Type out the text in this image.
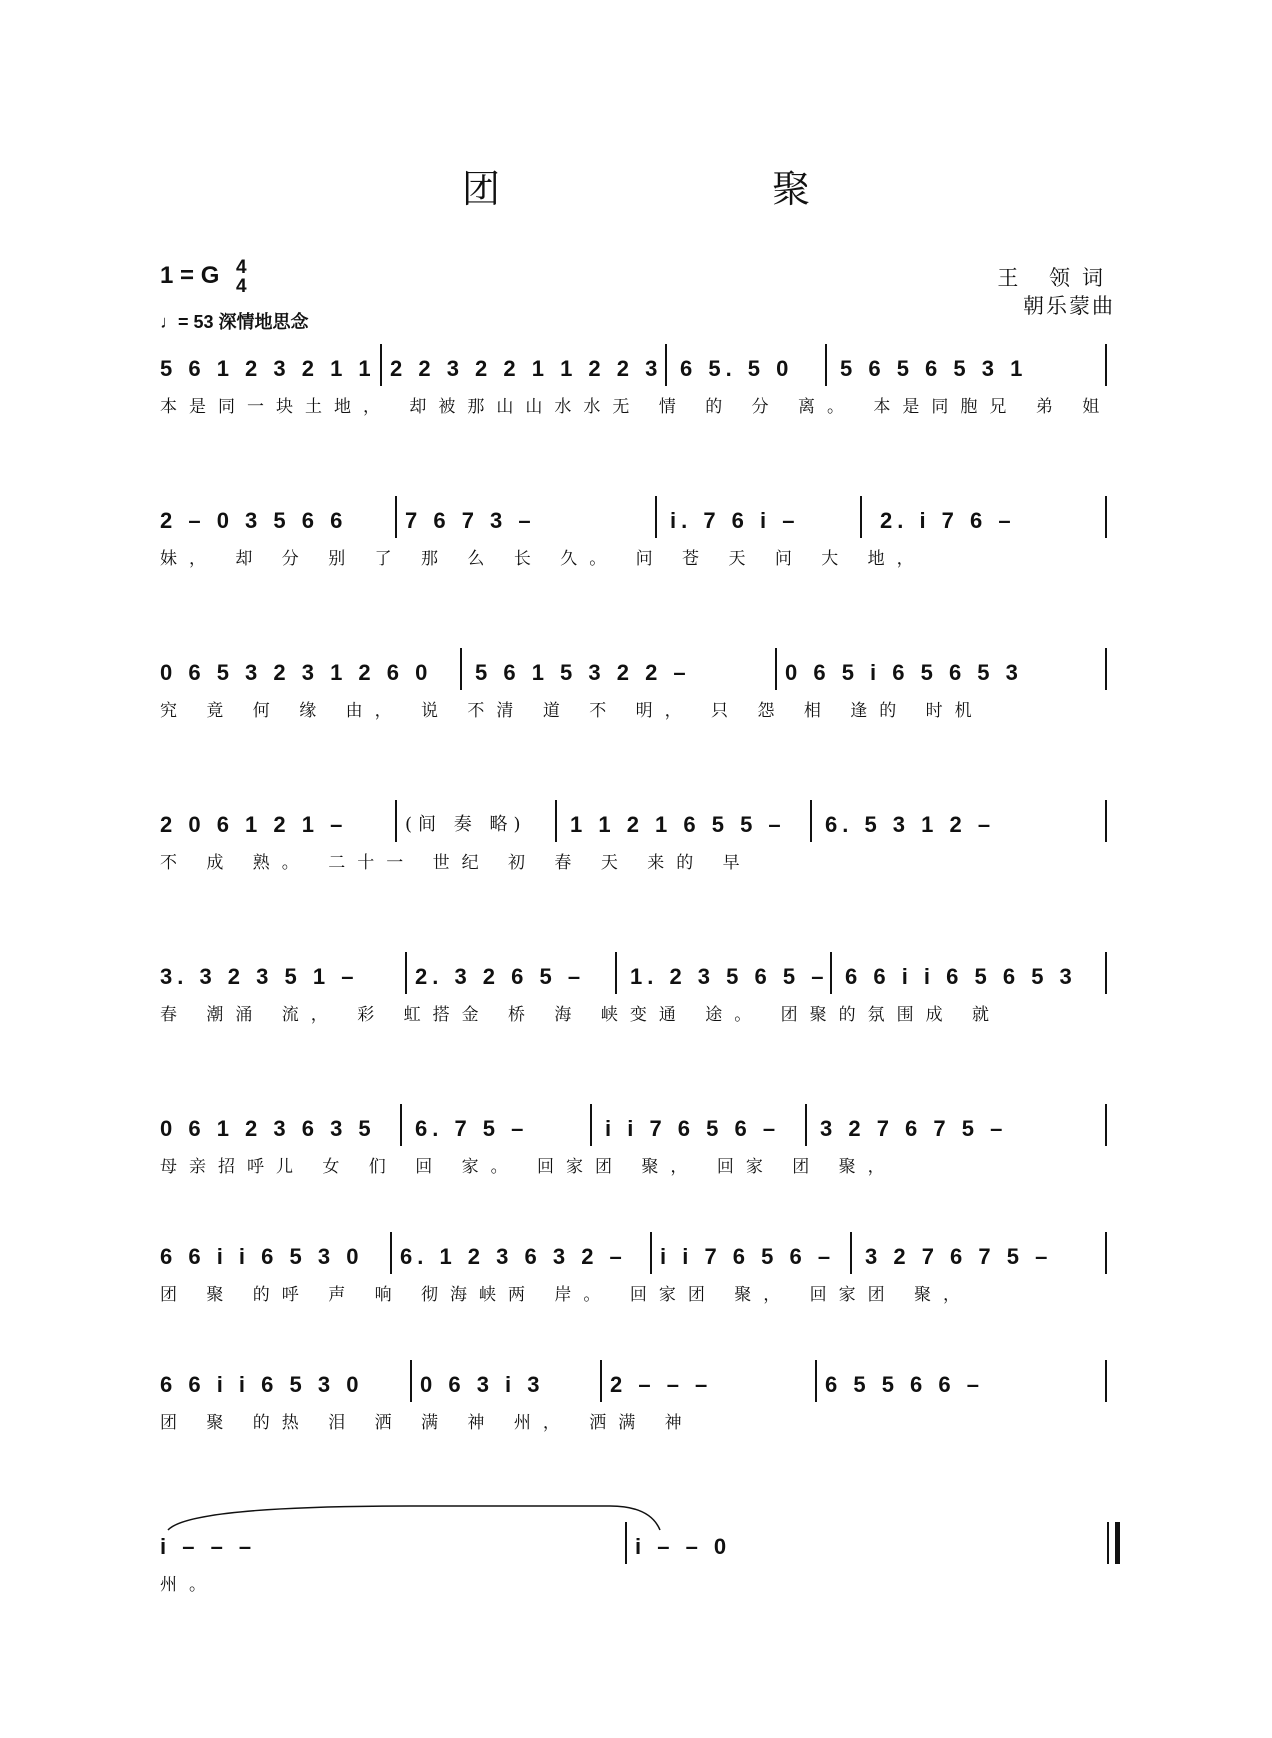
团 聚
1 = G 4
4
♩= 53 深情地思念
王 领词
朝乐蒙曲
5 6 1 2 3 2 1 1 2 2 3 2 2 1 1 2 2 3 6 5. 5 0 5 6 5 6 5 3 1
本是同一块土地， 却被那山山水水无 情 的 分 离。 本是同胞兄 弟 姐
2 – 0 3 5 6 6	7 6 7 3 –	i. 7 6 i –	2. i 7 6 –
妹， 却 分 别 了 那 么 长 久。 问 苍 天 问 大 地，
0 6 5 3 2 3 1 2 6 0 5 6 1 5 3 2 2 –	0 6 5 i 6 5 6 5 3
究 竟 何 缘 由， 说 不清 道 不 明， 只 怨 相 逢的 时机
2 0 6 1 2 1 –	(间 奏 略) 1 1 2 1 6 5 5 – 6. 5 3 1 2 –
不 成 熟。 二十一 世纪 初 春 天 来的 早
3. 3 2 3 5 1 –	2. 3 2 6 5 – 1. 2 3 5 6 5 – 6 6 i i 6 5 6 5 3
春 潮涌 流， 彩 虹搭金 桥 海 峡变通 途。 团聚的氛围成 就
0 6 1 2 3 6 3 5 6. 7 5 –	i i 7 6 5 6 – 3 2 7 6 7 5 –
母亲招呼儿 女 们 回 家。 回家团 聚， 回家 团 聚，
6 6 i i 6 5 3 0 6. 1 2 3 6 3 2 – i i 7 6 5 6 – 3 2 7 6 7 5 –
团 聚 的呼 声 响 彻海峡两 岸。 回家团 聚， 回家团 聚，
6 6 i i 6 5 3 0	0 6 3 i 3	2 – – –	6 5 5 6 6 –
团 聚 的热 泪 洒 满 神 州， 洒满 神
i – – –	i – – 0
州。
